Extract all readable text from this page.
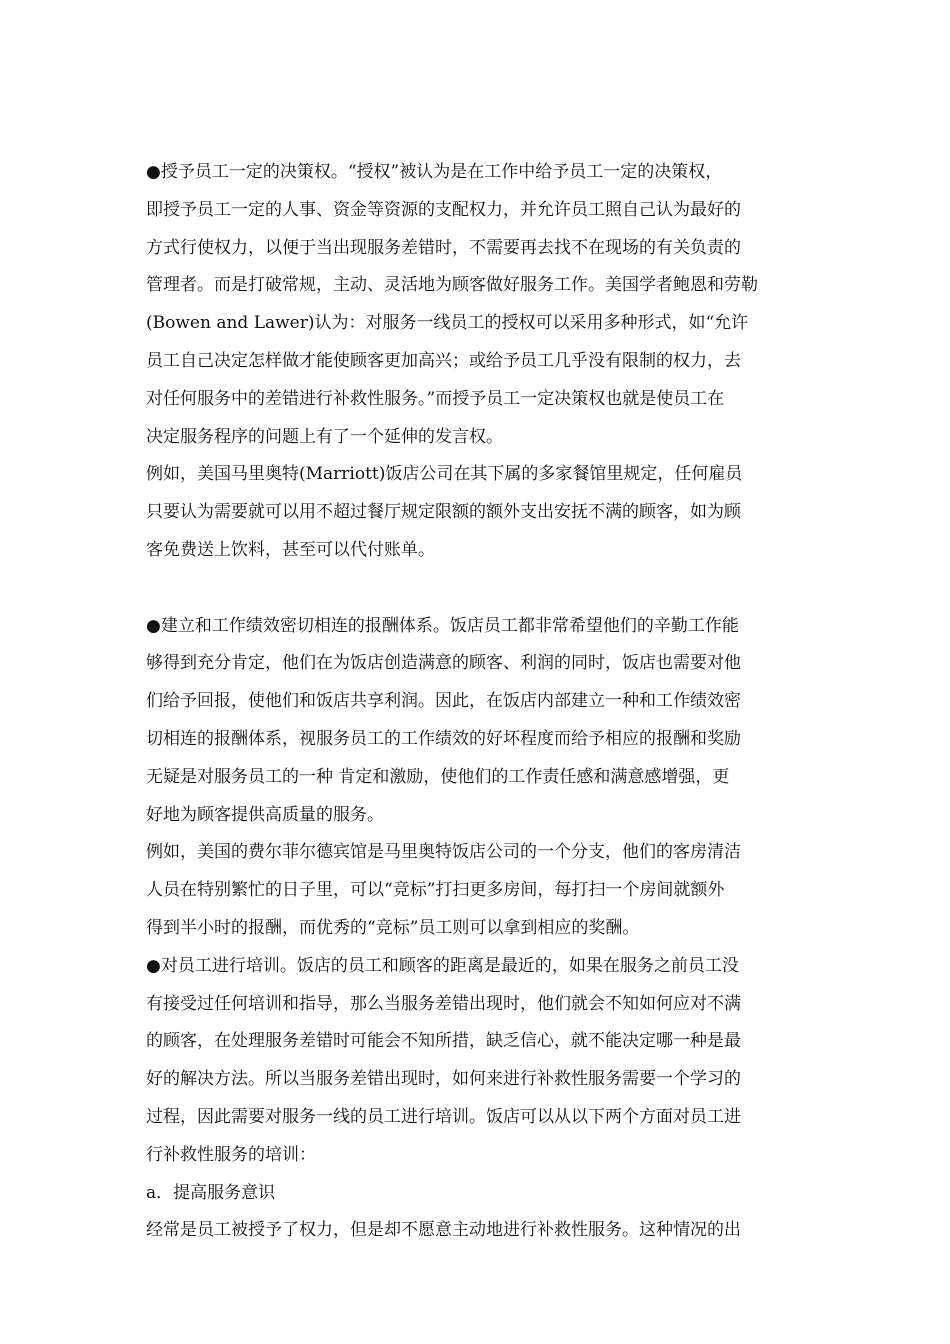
●授予员工一定的决策权。“授权”被认为是在工作中给予员工一定的决策权，
即授予员工一定的人事、资金等资源的支配权力，并允许员工照自己认为最好的
方式行使权力，以便于当出现服务差错时，不需要再去找不在现场的有关负责的
管理者。而是打破常规，主动、灵活地为顾客做好服务工作。美国学者鲍恩和劳勒
(Bowen and Lawer)认为：对服务一线员工的授权可以采用多种形式，如“允许
员工自己决定怎样做才能使顾客更加高兴；或给予员工几乎没有限制的权力，去
对任何服务中的差错进行补救性服务。”而授予员工一定决策权也就是使员工在
决定服务程序的问题上有了一个延伸的发言权。
例如，美国马里奥特(Marriott)饭店公司在其下属的多家餐馆里规定，任何雇员
只要认为需要就可以用不超过餐厅规定限额的额外支出安抚不满的顾客，如为顾
客免费送上饮料，甚至可以代付账单。
●建立和工作绩效密切相连的报酬体系。饭店员工都非常希望他们的辛勤工作能
够得到充分肯定，他们在为饭店创造满意的顾客、利润的同时，饭店也需要对他
们给予回报，使他们和饭店共享利润。因此，在饭店内部建立一种和工作绩效密
切相连的报酬体系，视服务员工的工作绩效的好坏程度而给予相应的报酬和奖励
无疑是对服务员工的一种 肯定和激励，使他们的工作责任感和满意感增强，更
好地为顾客提供高质量的服务。
例如，美国的费尔菲尔德宾馆是马里奥特饭店公司的一个分支，他们的客房清洁
人员在特别繁忙的日子里，可以“竞标”打扫更多房间，每打扫一个房间就额外
得到半小时的报酬，而优秀的“竞标”员工则可以拿到相应的奖酬。
●对员工进行培训。饭店的员工和顾客的距离是最近的，如果在服务之前员工没
有接受过任何培训和指导，那么当服务差错出现时，他们就会不知如何应对不满
的顾客，在处理服务差错时可能会不知所措，缺乏信心，就不能决定哪一种是最
好的解决方法。所以当服务差错出现时，如何来进行补救性服务需要一个学习的
过程，因此需要对服务一线的员工进行培训。饭店可以从以下两个方面对员工进
行补救性服务的培训：
a．提高服务意识
经常是员工被授予了权力，但是却不愿意主动地进行补救性服务。这种情况的出
